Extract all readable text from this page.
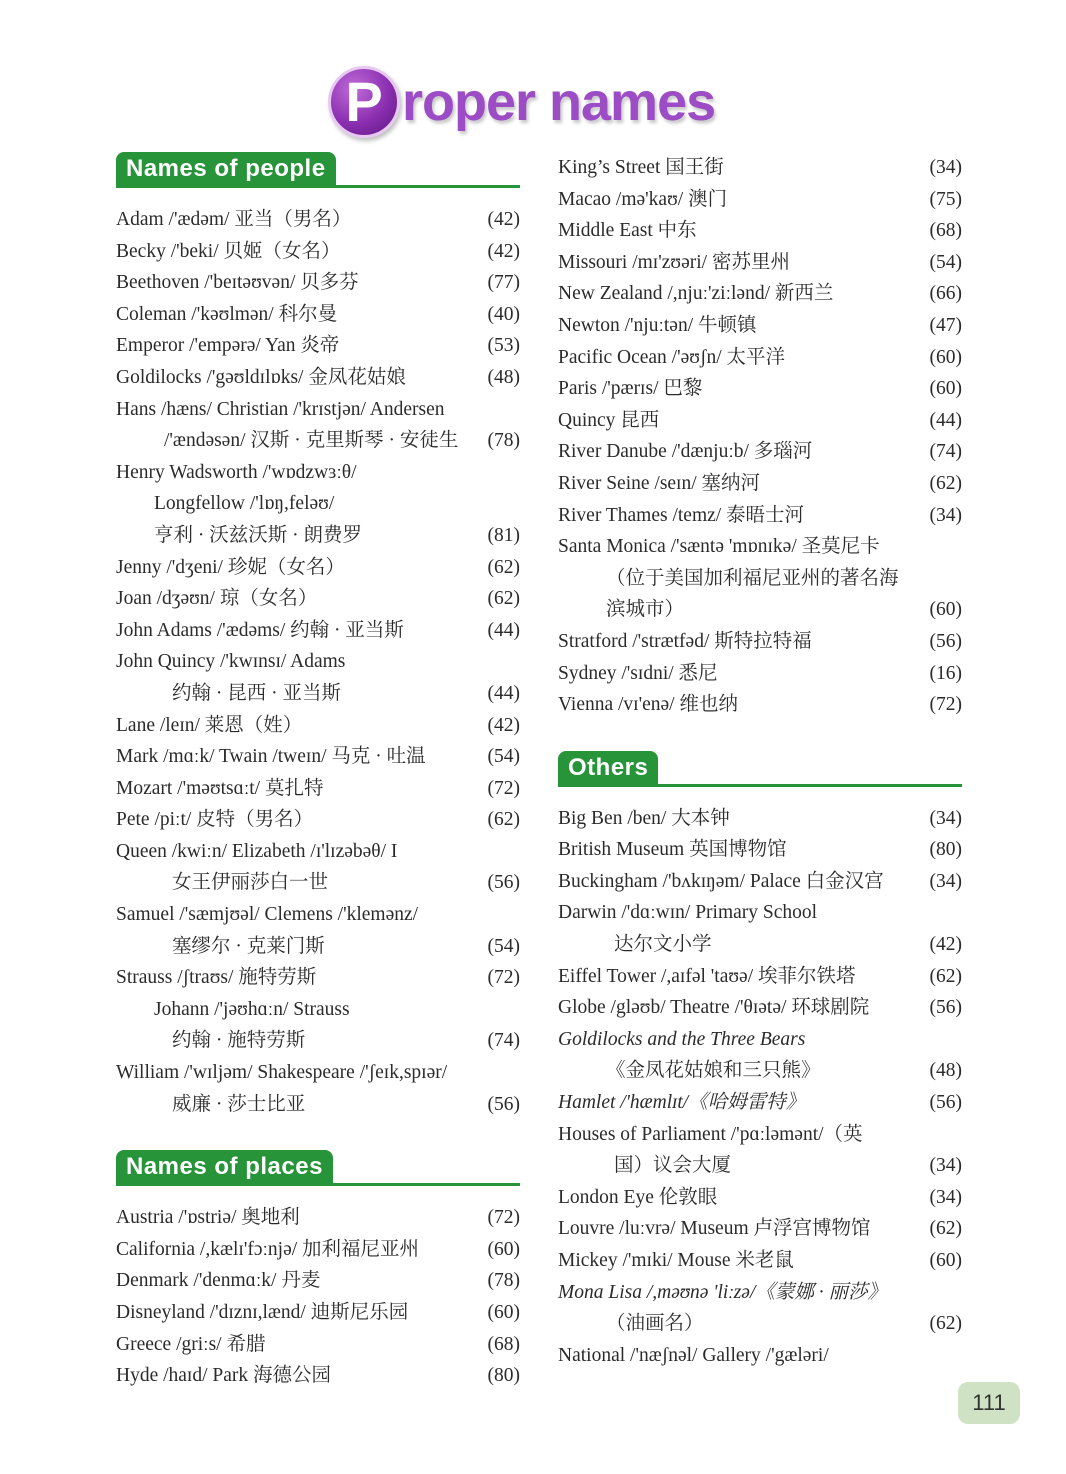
P roper names
Names of people
Adam /'ædəm/ 亚当（男名）	(42)
Becky /'beki/ 贝姬（女名）	(42)
Beethoven /'beɪtəʊvən/ 贝多芬	(77)
Coleman /'kəʊlmən/ 科尔曼	(40)
Emperor /'empərə/ Yan 炎帝	(53)
Goldilocks /'gəʊldɪlɒks/ 金凤花姑娘	(48)
Hans /hæns/ Christian /'krɪstjən/ Andersen
/'ændəsən/ 汉斯 · 克里斯琴 · 安徒生	(78)
Henry Wadsworth /'wɒdzwɜːθ/
Longfellow /'lɒŋ,feləʊ/
亨利 · 沃兹沃斯 · 朗费罗	(81)
Jenny /'dʒeni/ 珍妮（女名）	(62)
Joan /dʒəʊn/ 琼（女名）	(62)
John Adams /'ædəms/ 约翰 · 亚当斯	(44)
John Quincy /'kwɪnsɪ/ Adams
约翰 · 昆西 · 亚当斯	(44)
Lane /leɪn/ 莱恩（姓）	(42)
Mark /mɑːk/ Twain /tweɪn/ 马克 · 吐温	(54)
Mozart /'məʊtsɑːt/ 莫扎特	(72)
Pete /piːt/ 皮特（男名）	(62)
Queen /kwiːn/ Elizabeth /ɪ'lɪzəbəθ/ I
女王伊丽莎白一世	(56)
Samuel /'sæmjʊəl/ Clemens /'klemənz/
塞缪尔 · 克莱门斯	(54)
Strauss /ʃtraʊs/ 施特劳斯	(72)
Johann /'jəʊhɑːn/ Strauss
约翰 · 施特劳斯	(74)
William /'wɪljəm/ Shakespeare /'ʃeɪk,spɪər/
威廉 · 莎士比亚	(56)
Names of places
Austria /'ɒstriə/ 奥地利	(72)
California /,kælɪ'fɔːnjə/ 加利福尼亚州	(60)
Denmark /'denmɑːk/ 丹麦	(78)
Disneyland /'dɪznɪ,lænd/ 迪斯尼乐园	(60)
Greece /griːs/ 希腊	(68)
Hyde /haɪd/ Park 海德公园	(80)
King’s Street 国王街	(34)
Macao /mə'kaʊ/ 澳门	(75)
Middle East 中东	(68)
Missouri /mɪ'zʊəri/ 密苏里州	(54)
New Zealand /,njuː'ziːlənd/ 新西兰	(66)
Newton /'njuːtən/ 牛顿镇	(47)
Pacific Ocean /'əʊʃn/ 太平洋	(60)
Paris /'pærɪs/ 巴黎	(60)
Quincy 昆西	(44)
River Danube /'dænjuːb/ 多瑙河	(74)
River Seine /seɪn/ 塞纳河	(62)
River Thames /temz/ 泰晤士河	(34)
Santa Monica /'sæntə 'mɒnɪkə/ 圣莫尼卡
（位于美国加利福尼亚州的著名海
滨城市）	(60)
Stratford /'strætfəd/ 斯特拉特福	(56)
Sydney /'sɪdni/ 悉尼	(16)
Vienna /vɪ'enə/ 维也纳	(72)
Others
Big Ben /ben/ 大本钟	(34)
British Museum 英国博物馆	(80)
Buckingham /'bʌkɪŋəm/ Palace 白金汉宫	(34)
Darwin /'dɑːwɪn/ Primary School
达尔文小学	(42)
Eiffel Tower /,aɪfəl 'taʊə/ 埃菲尔铁塔	(62)
Globe /gləʊb/ Theatre /'θɪətə/ 环球剧院	(56)
Goldilocks and the Three Bears
《金凤花姑娘和三只熊》	(48)
Hamlet /'hæmlɪt/《哈姆雷特》	(56)
Houses of Parliament /'pɑːləmənt/（英
国）议会大厦	(34)
London Eye 伦敦眼	(34)
Louvre /luːvrə/ Museum 卢浮宫博物馆	(62)
Mickey /'mɪki/ Mouse 米老鼠	(60)
Mona Lisa /,məʊnə 'liːzə/《蒙娜 · 丽莎》
（油画名）	(62)
National /'næʃnəl/ Gallery /'gæləri/
111
